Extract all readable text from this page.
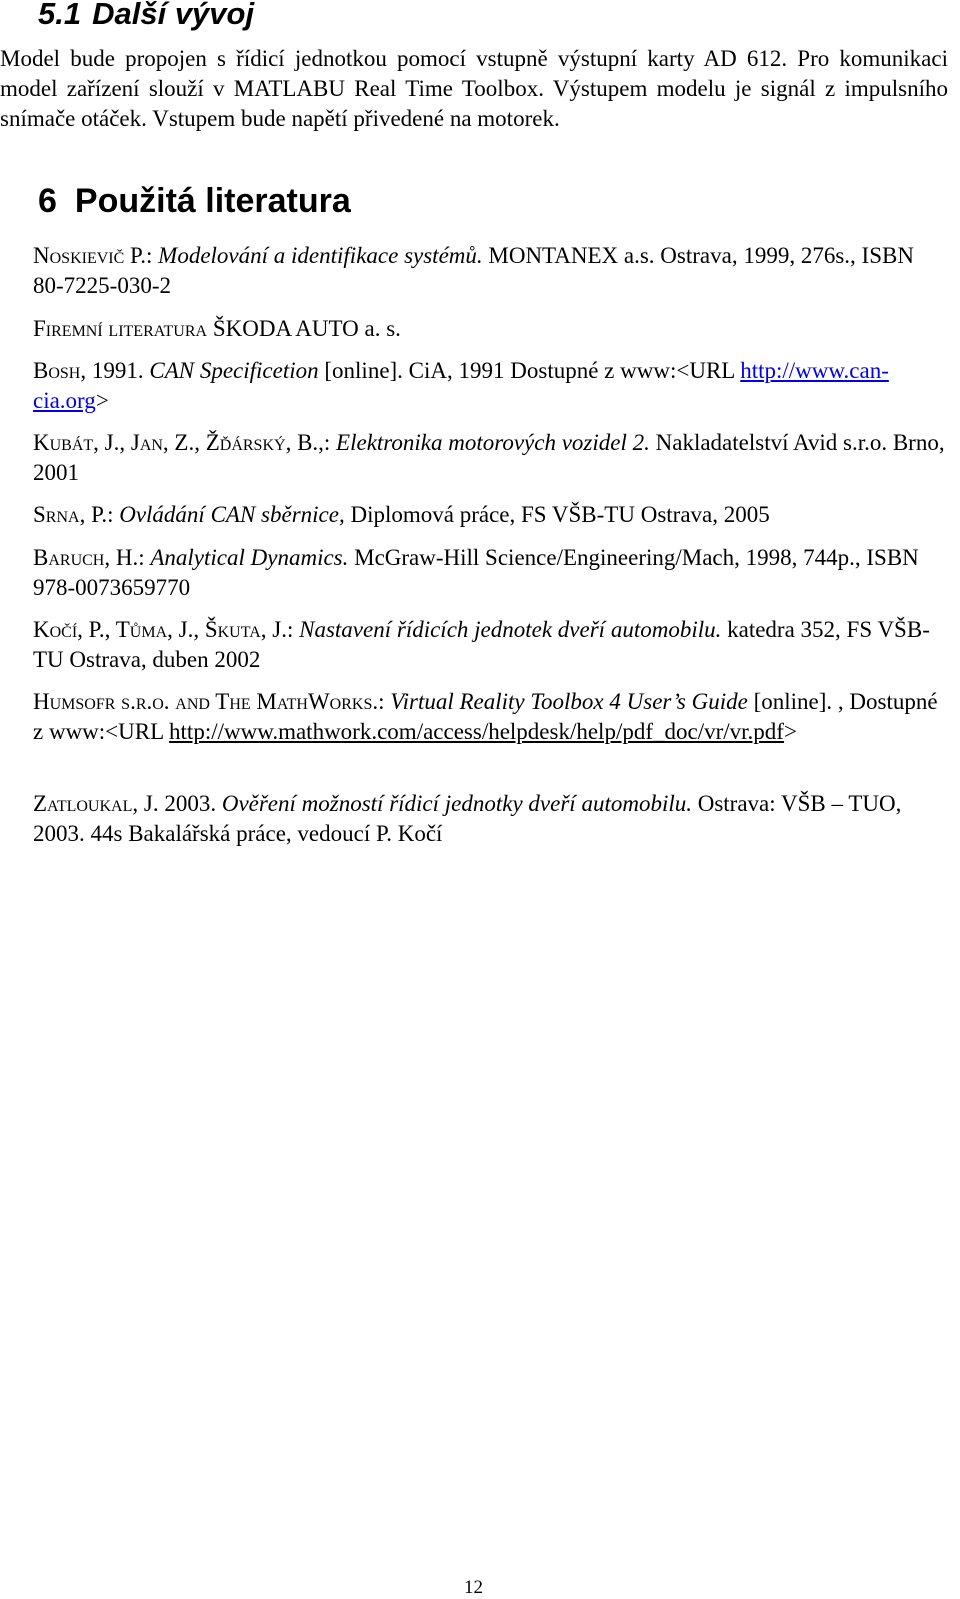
5.1 Další vývoj

Model bude propojen s řídicí jednotkou pomocí vstupně výstupní karty AD 612. Pro komunikaci model zařízení slouží v MATLABU Real Time Toolbox. Výstupem modelu je signál z impulsního snímače otáček. Vstupem bude napětí přivedené na motorek.

6 Použitá literatura

Noskievič P.: Modelování a identifikace systémů. MONTANEX a.s. Ostrava, 1999, 276s., ISBN 80-7225-030-2

Firemní literatura ŠKODA AUTO a. s.

Bosh, 1991. CAN Specificetion [online]. CiA, 1991 Dostupné z www:<URL http://www.can-cia.org>

Kubát, J., Jan, Z., Žďárský, B.,: Elektronika motorových vozidel 2. Nakladatelství Avid s.r.o. Brno, 2001

Srna, P.: Ovládání CAN sběrnice, Diplomová práce, FS VŠB-TU Ostrava, 2005

Baruch, H.: Analytical Dynamics. McGraw-Hill Science/Engineering/Mach, 1998, 744p., ISBN 978-0073659770

Kočí, P., Tůma, J., Škuta, J.: Nastavení řídicích jednotek dveří automobilu. katedra 352, FS VŠB-TU Ostrava, duben 2002

Humsofr s.r.o. and The MathWorks.: Virtual Reality Toolbox 4 User’s Guide [online]. , Dostupné z www:<URL http://www.mathwork.com/access/helpdesk/help/pdf_doc/vr/vr.pdf>

Zatloukal, J. 2003. Ověření možností řídicí jednotky dveří automobilu. Ostrava: VŠB – TUO, 2003. 44s Bakalářská práce, vedoucí P. Kočí

12
